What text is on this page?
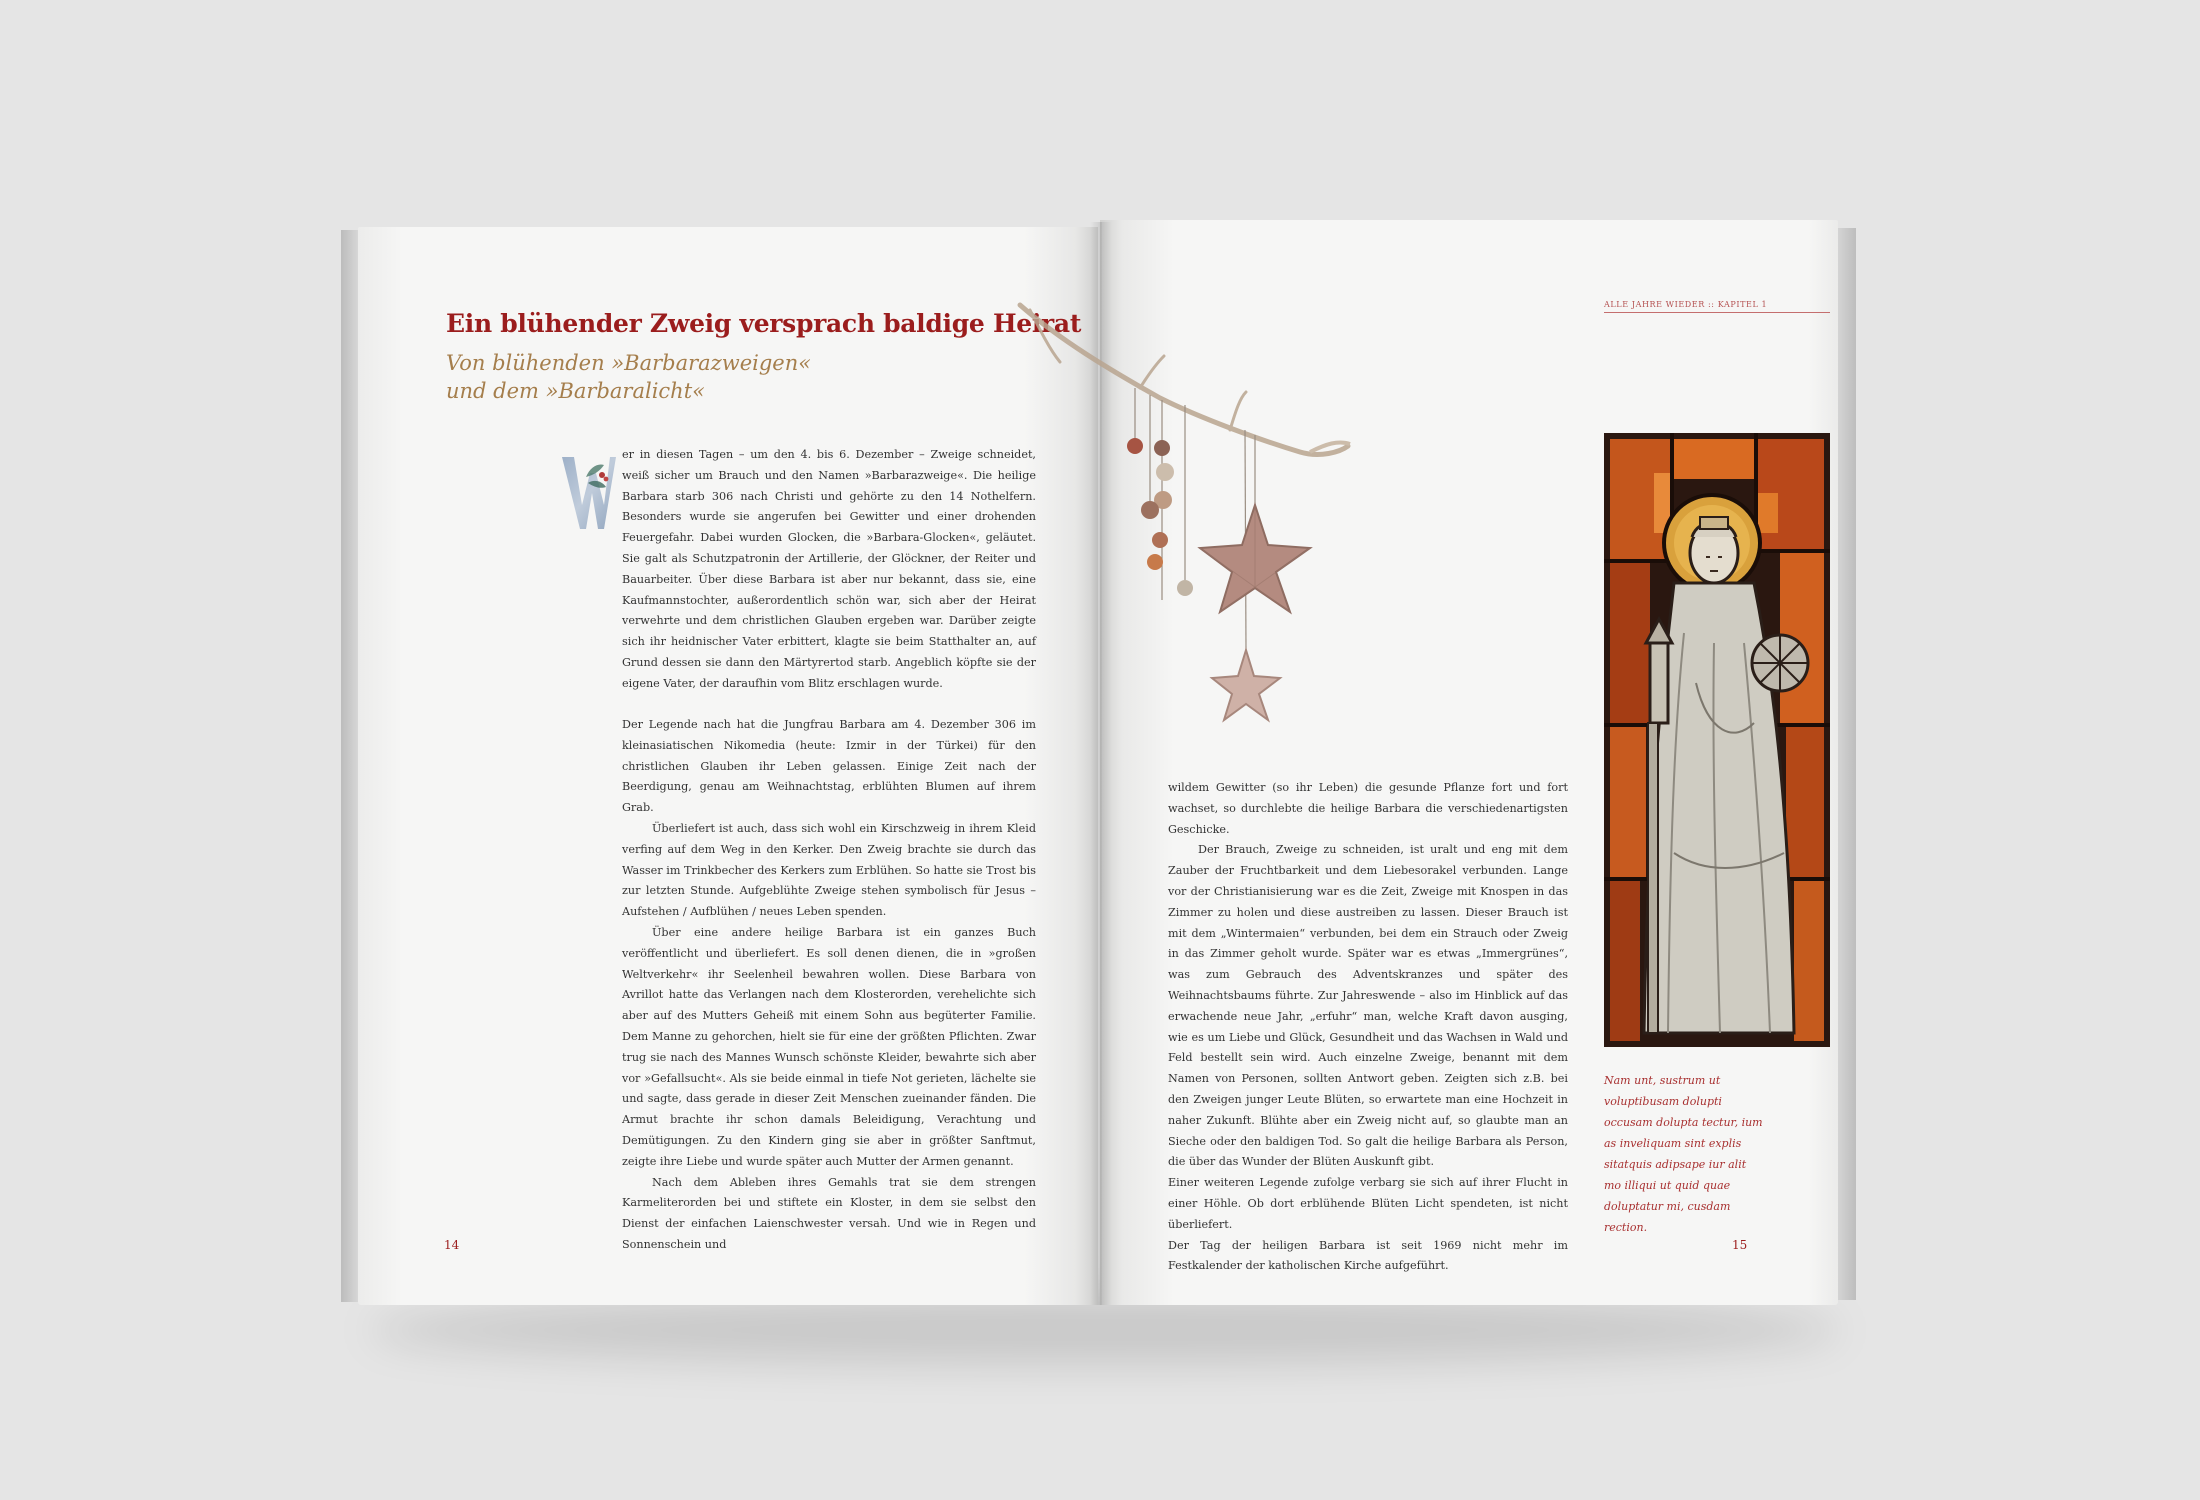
Ein blühender Zweig versprach baldige Heirat
Von blühenden »Barbarazweigen«
und dem »Barbaralicht«

er in diesen Tagen – um den 4. bis 6. Dezember – Zweige schneidet, weiß sicher um Brauch und den Namen »Barbarazweige«. Die heilige Barbara starb 306 nach Christi und gehörte zu den 14 Nothelfern. Besonders wurde sie angerufen bei Gewitter und einer drohenden Feuergefahr. Dabei wurden Glocken, die »Barbara-Glocken«, geläutet. Sie galt als Schutzpatronin der Artillerie, der Glöckner, der Reiter und Bauarbeiter. Über diese Barbara ist aber nur bekannt, dass sie, eine Kaufmannstochter, außerordentlich schön war, sich aber der Heirat verwehrte und dem christlichen Glauben ergeben war. Darüber zeigte sich ihr heidnischer Vater erbittert, klagte sie beim Statthalter an, auf Grund dessen sie dann den Märtyrertod starb. Angeblich köpfte sie der eigene Vater, der daraufhin vom Blitz erschlagen wurde.

Der Legende nach hat die Jungfrau Barbara am 4. Dezember 306 im kleinasiatischen Nikomedia (heute: Izmir in der Türkei) für den christlichen Glauben ihr Leben gelassen. Einige Zeit nach der Beerdigung, genau am Weihnachtstag, erblühten Blumen auf ihrem Grab.

Überliefert ist auch, dass sich wohl ein Kirschzweig in ihrem Kleid verfing auf dem Weg in den Kerker. Den Zweig brachte sie durch das Wasser im Trinkbecher des Kerkers zum Erblühen. So hatte sie Trost bis zur letzten Stunde. Aufgeblühte Zweige stehen symbolisch für Jesus – Aufstehen / Aufblühen / neues Leben spenden.

Über eine andere heilige Barbara ist ein ganzes Buch veröffentlicht und überliefert. Es soll denen dienen, die in »großen Weltverkehr« ihr Seelenheil bewahren wollen. Diese Barbara von Avrillot hatte das Verlangen nach dem Klosterorden, verehelichte sich aber auf des Mutters Geheiß mit einem Sohn aus begüterter Familie. Dem Manne zu gehorchen, hielt sie für eine der größten Pflichten. Zwar trug sie nach des Mannes Wunsch schönste Kleider, bewahrte sich aber vor »Gefallsucht«. Als sie beide einmal in tiefe Not gerieten, lächelte sie und sagte, dass gerade in dieser Zeit Menschen zueinander fänden. Die Armut brachte ihr schon damals Beleidigung, Verachtung und Demütigungen. Zu den Kindern ging sie aber in größter Sanftmut, zeigte ihre Liebe und wurde später auch Mutter der Armen genannt.

Nach dem Ableben ihres Gemahls trat sie dem strengen Karmeliterorden bei und stiftete ein Kloster, in dem sie selbst den Dienst der einfachen Laienschwester versah. Und wie in Regen und Sonnenschein und

14
ALLE JAHRE WIEDER :: KAPITEL 1
Nam unt, sustrum ut voluptibusam dolupti occusam dolupta tectur, ium as inveliquam sint explis sitatquis adipsape iur alit mo illiqui ut quid quae doluptatur mi, cusdam rection.

wildem Gewitter (so ihr Leben) die gesunde Pflanze fort und fort wachset, so durchlebte die heilige Barbara die verschiedenartigsten Geschicke.

Der Brauch, Zweige zu schneiden, ist uralt und eng mit dem Zauber der Fruchtbarkeit und dem Liebesorakel verbunden. Lange vor der Christianisierung war es die Zeit, Zweige mit Knospen in das Zimmer zu holen und diese austreiben zu lassen. Dieser Brauch ist mit dem „Wintermaien“ verbunden, bei dem ein Strauch oder Zweig in das Zimmer geholt wurde. Später war es etwas „Immergrünes“, was zum Gebrauch des Adventskranzes und später des Weihnachtsbaums führte. Zur Jahreswende – also im Hinblick auf das erwachende neue Jahr, „erfuhr“ man, welche Kraft davon ausging, wie es um Liebe und Glück, Gesundheit und das Wachsen in Wald und Feld bestellt sein wird. Auch einzelne Zweige, benannt mit dem Namen von Personen, sollten Antwort geben. Zeigten sich z.B. bei den Zweigen junger Leute Blüten, so erwartete man eine Hochzeit in naher Zukunft. Blühte aber ein Zweig nicht auf, so glaubte man an Sieche oder den baldigen Tod. So galt die heilige Barbara als Person, die über das Wunder der Blüten Auskunft gibt.

Einer weiteren Legende zufolge verbarg sie sich auf ihrer Flucht in einer Höhle. Ob dort erblühende Blüten Licht spendeten, ist nicht überliefert.

Der Tag der heiligen Barbara ist seit 1969 nicht mehr im Festkalender der katholischen Kirche aufgeführt.

15
